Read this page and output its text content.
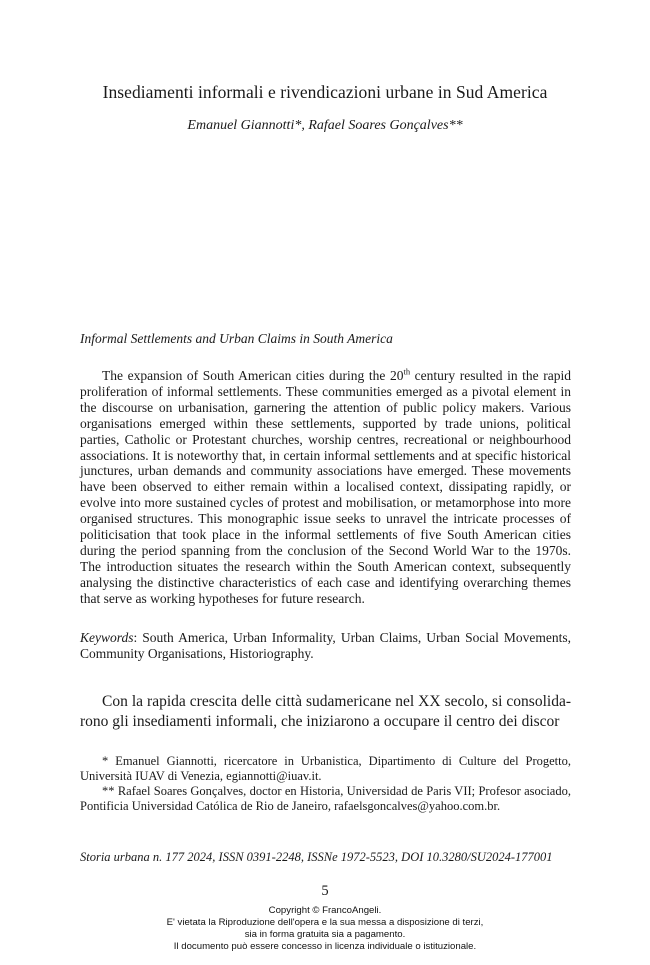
Insediamenti informali e rivendicazioni urbane in Sud America

Emanuel Giannotti*, Rafael Soares Gonçalves**

Informal Settlements and Urban Claims in South America

The expansion of South American cities during the 20th century resulted in the rapid proliferation of informal settlements. These communities emerged as a pivotal element in the discourse on urbanisation, garnering the attention of public policy makers. Various organisations emerged within these settlements, supported by trade unions, political parties, Catholic or Protestant churches, worship centres, recreational or neighbourhood associations. It is noteworthy that, in certain informal settlements and at specific historical junctures, urban demands and community associations have emerged. These movements have been observed to either remain within a localised context, dissipating rapidly, or evolve into more sustained cycles of protest and mobilisation, or metamorphose into more organised structures. This monographic issue seeks to unravel the intricate processes of politicisation that took place in the informal settlements of five South American cities during the period spanning from the conclusion of the Second World War to the 1970s. The introduction situates the research within the South American context, subsequently analysing the distinctive characteristics of each case and identifying overarching themes that serve as working hypotheses for future research.

Keywords: South America, Urban Informality, Urban Claims, Urban Social Movements, Community Organisations, Historiography.

Con la rapida crescita delle città sudamericane nel XX secolo, si consolidarono gli insediamenti informali, che iniziarono a occupare il centro dei discor

* Emanuel Giannotti, ricercatore in Urbanistica, Dipartimento di Culture del Progetto, Università IUAV di Venezia, egiannotti@iuav.it.

** Rafael Soares Gonçalves, doctor en Historia, Universidad de Paris VII; Profesor asociado, Pontificia Universidad Católica de Rio de Janeiro, rafaelsgoncalves@yahoo.com.br.

Storia urbana n. 177 2024, ISSN 0391-2248, ISSNe 1972-5523, DOI 10.3280/SU2024-177001

5

Copyright © FrancoAngeli.
E' vietata la Riproduzione dell'opera e la sua messa a disposizione di terzi,
sia in forma gratuita sia a pagamento.
Il documento può essere concesso in licenza individuale o istituzionale.
